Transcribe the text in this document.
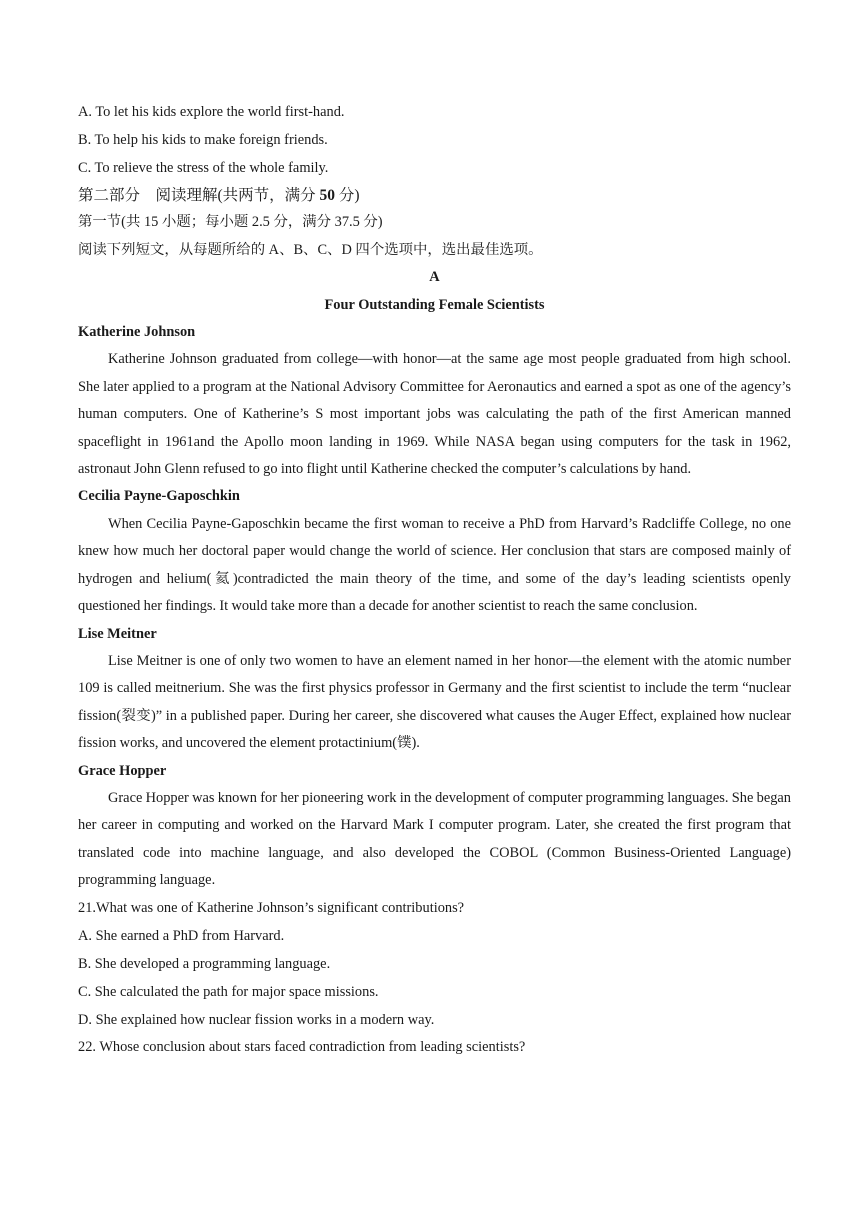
A. To let his kids explore the world first-hand.

B. To help his kids to make foreign friends.

C. To relieve the stress of the whole family.

第二部分　阅读理解(共两节，满分 50 分)

第一节(共 15 小题；每小题 2.5 分，满分 37.5 分)

阅读下列短文，从每题所给的 A、B、C、D 四个选项中，选出最佳选项。

A

Four Outstanding Female Scientists

Katherine Johnson

Katherine Johnson graduated from college—with honor—at the same age most people graduated from high school. She later applied to a program at the National Advisory Committee for Aeronautics and earned a spot as one of the agency’s human computers. One of Katherine’s S most important jobs was calculating the path of the first American manned spaceflight in 1961and the Apollo moon landing in 1969. While NASA began using computers for the task in 1962, astronaut John Glenn refused to go into flight until Katherine checked the computer’s calculations by hand.

Cecilia Payne-Gaposchkin

When Cecilia Payne-Gaposchkin became the first woman to receive a PhD from Harvard’s Radcliffe College, no one knew how much her doctoral paper would change the world of science. Her conclusion that stars are composed mainly of hydrogen and helium(氦)contradicted the main theory of the time, and some of the day’s leading scientists openly questioned her findings. It would take more than a decade for another scientist to reach the same conclusion.

Lise Meitner

Lise Meitner is one of only two women to have an element named in her honor—the element with the atomic number 109 is called meitnerium. She was the first physics professor in Germany and the first scientist to include the term “nuclear fission(裂变)” in a published paper. During her career, she discovered what causes the Auger Effect, explained how nuclear fission works, and uncovered the element protactinium(镤).

Grace Hopper

Grace Hopper was known for her pioneering work in the development of computer programming languages. She began her career in computing and worked on the Harvard Mark I computer program. Later, she created the first program that translated code into machine language, and also developed the COBOL (Common Business-Oriented Language) programming language.

21.What was one of Katherine Johnson’s significant contributions?

A. She earned a PhD from Harvard.

B. She developed a programming language.

C. She calculated the path for major space missions.

D. She explained how nuclear fission works in a modern way.

22. Whose conclusion about stars faced contradiction from leading scientists?
